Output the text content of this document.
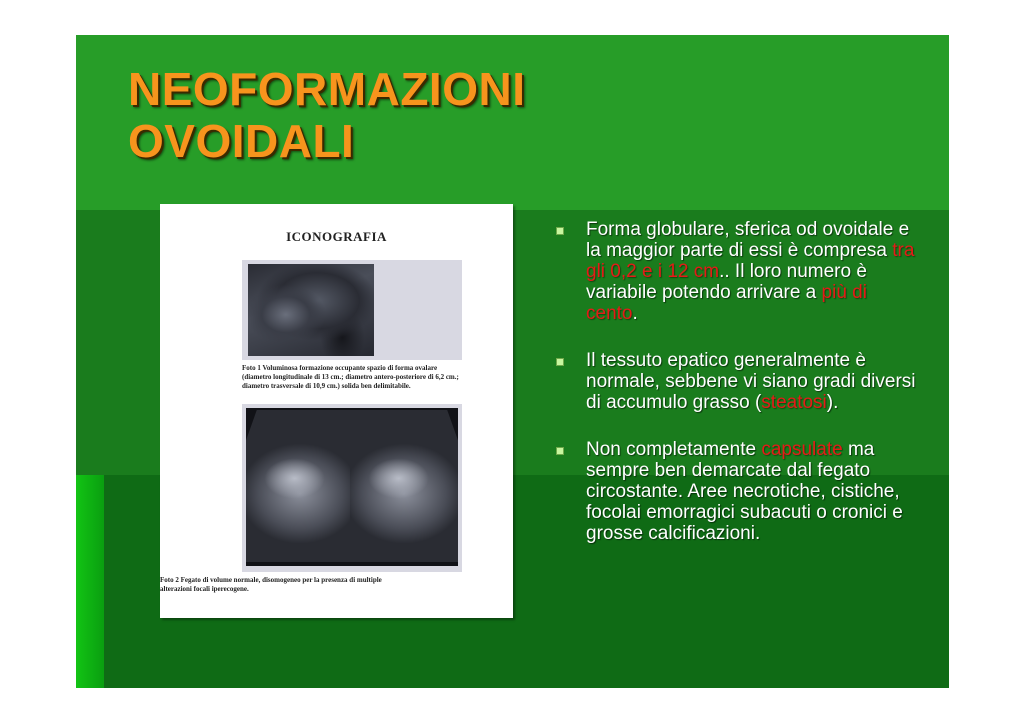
NEOFORMAZIONI
OVOIDALI
ICONOGRAFIA
Foto 1 Voluminosa formazione occupante spazio di forma ovalare (diametro longitudinale di 13 cm.; diametro antero-posteriore di 6,2 cm.; diametro trasversale di 10,9 cm.) solida ben delimitabile.
Foto 2 Fegato di volume normale, disomogeneo per la presenza di multiple alterazioni focali iperecogene.
Forma globulare, sferica od ovoidale e la maggior parte di essi è compresa tra gli 0,2 e i 12 cm.. Il loro numero è variabile potendo arrivare a più di cento.
Il tessuto epatico generalmente è normale, sebbene vi siano gradi diversi di accumulo grasso (steatosi).
Non completamente capsulate ma sempre ben demarcate dal fegato circostante. Aree necrotiche, cistiche, focolai emorragici subacuti o cronici e grosse calcificazioni.
